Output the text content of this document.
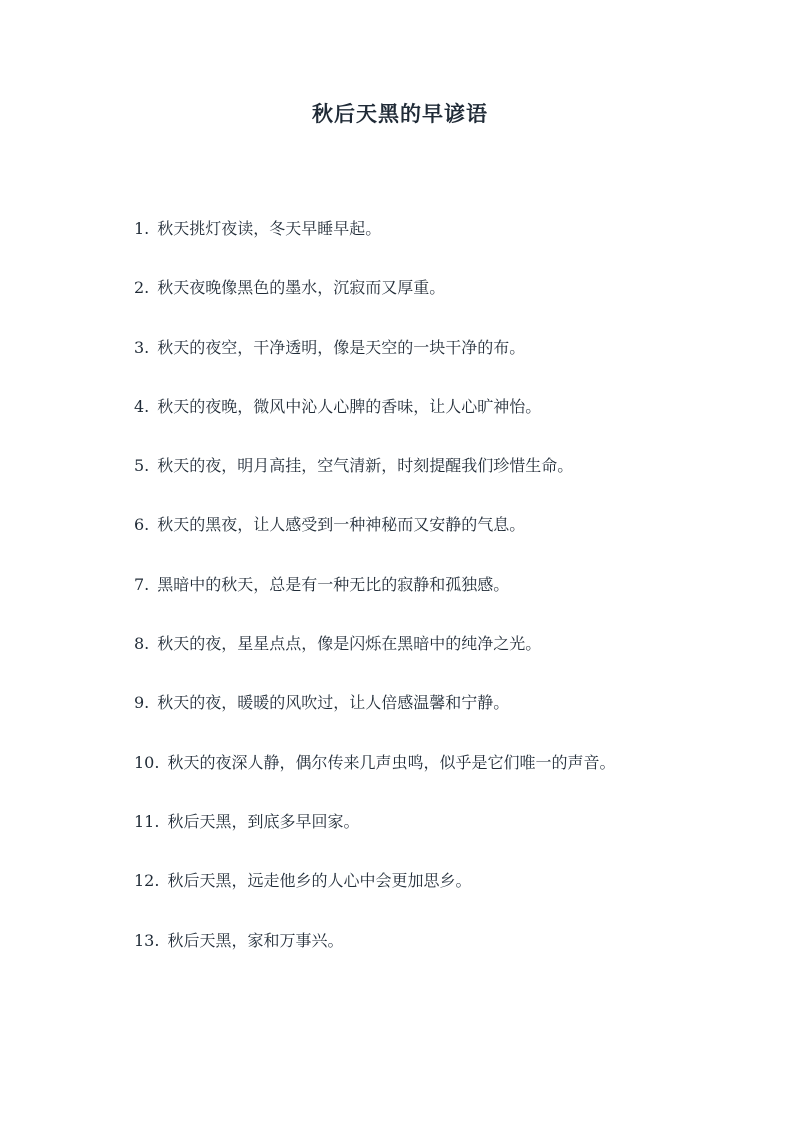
秋后天黑的早谚语
1. 秋天挑灯夜读，冬天早睡早起。
2. 秋天夜晚像黑色的墨水，沉寂而又厚重。
3. 秋天的夜空，干净透明，像是天空的一块干净的布。
4. 秋天的夜晚，微风中沁人心脾的香味，让人心旷神怡。
5. 秋天的夜，明月高挂，空气清新，时刻提醒我们珍惜生命。
6. 秋天的黑夜，让人感受到一种神秘而又安静的气息。
7. 黑暗中的秋天，总是有一种无比的寂静和孤独感。
8. 秋天的夜，星星点点，像是闪烁在黑暗中的纯净之光。
9. 秋天的夜，暖暖的风吹过，让人倍感温馨和宁静。
10. 秋天的夜深人静，偶尔传来几声虫鸣，似乎是它们唯一的声音。
11. 秋后天黑，到底多早回家。
12. 秋后天黑，远走他乡的人心中会更加思乡。
13. 秋后天黑，家和万事兴。
